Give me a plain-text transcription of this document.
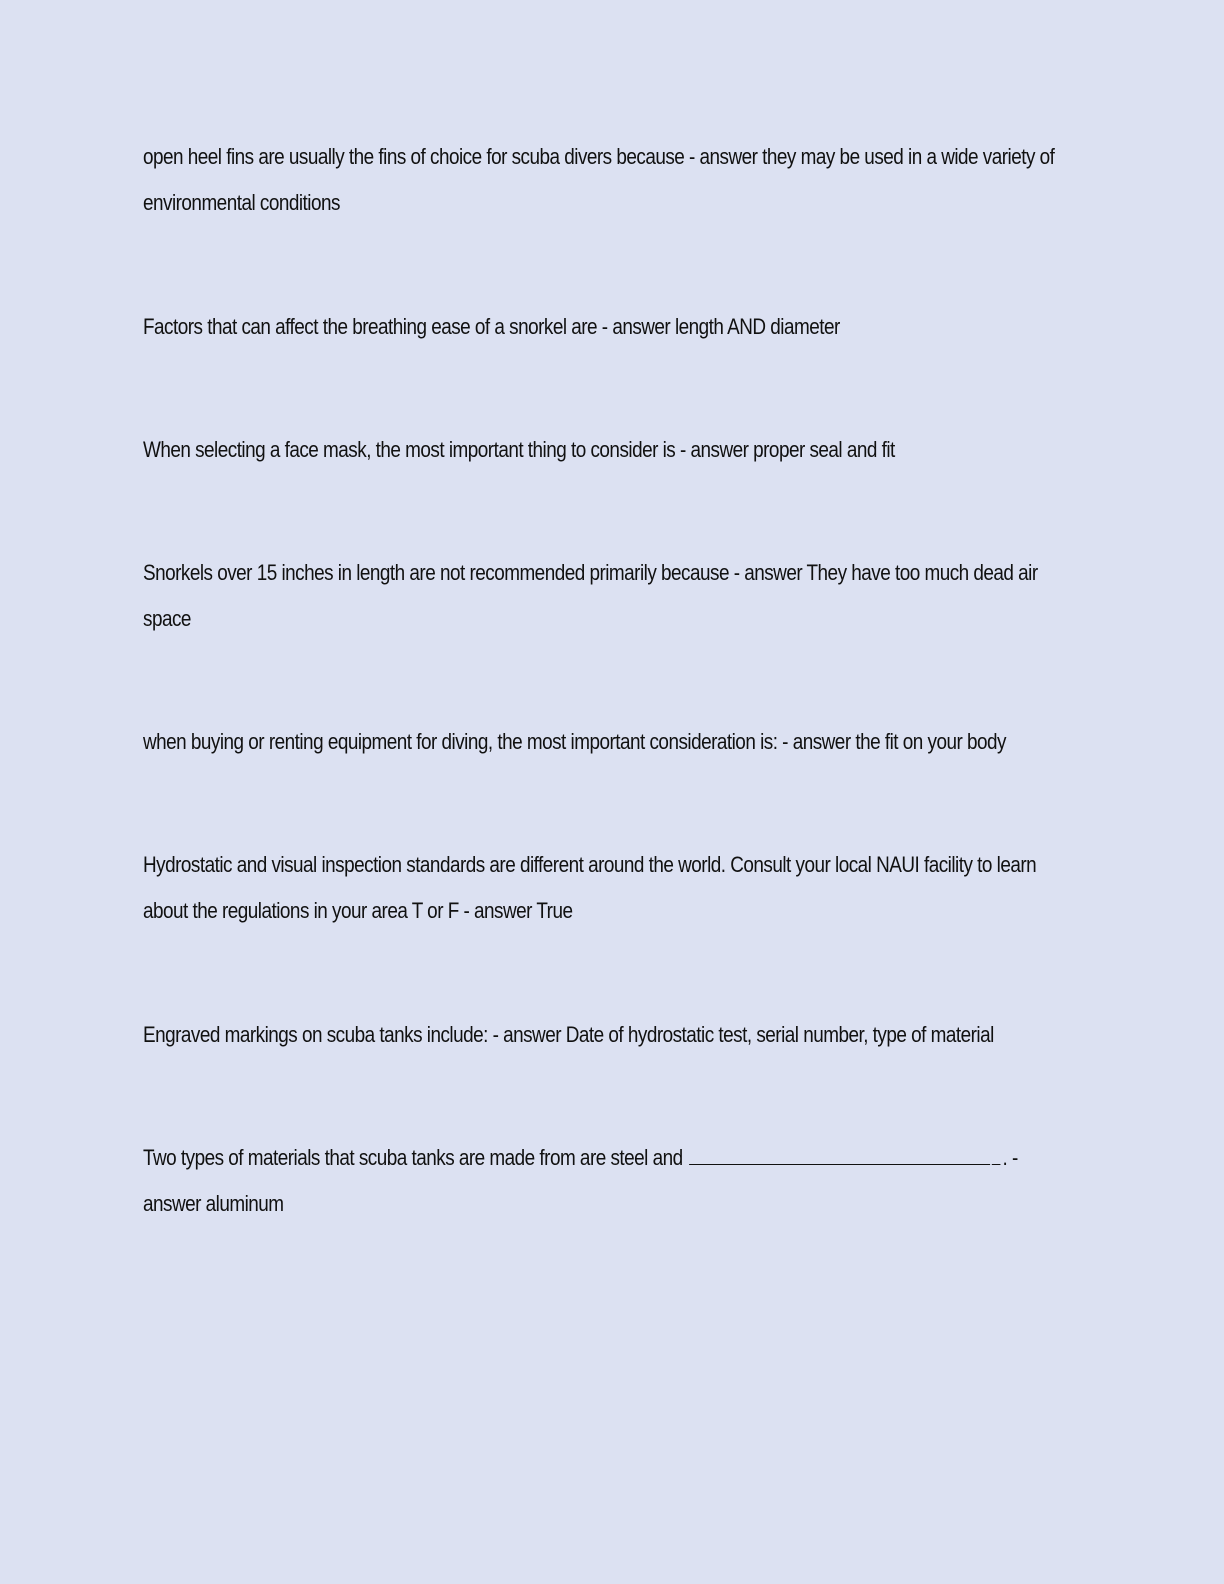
open heel fins are usually the fins of choice for scuba divers because - answer they may be used in a wide variety of environmental conditions

Factors that can affect the breathing ease of a snorkel are - answer length AND diameter

When selecting a face mask, the most important thing to consider is - answer proper seal and fit

Snorkels over 15 inches in length are not recommended primarily because - answer They have too much dead air space

when buying or renting equipment for diving, the most important consideration is: - answer the fit on your body

Hydrostatic and visual inspection standards are different around the world. Consult your local NAUI facility to learn about the regulations in your area T or F - answer True

Engraved markings on scuba tanks include: - answer Date of hydrostatic test, serial number, type of material

Two types of materials that scuba tanks are made from are steel and	. - answer aluminum
